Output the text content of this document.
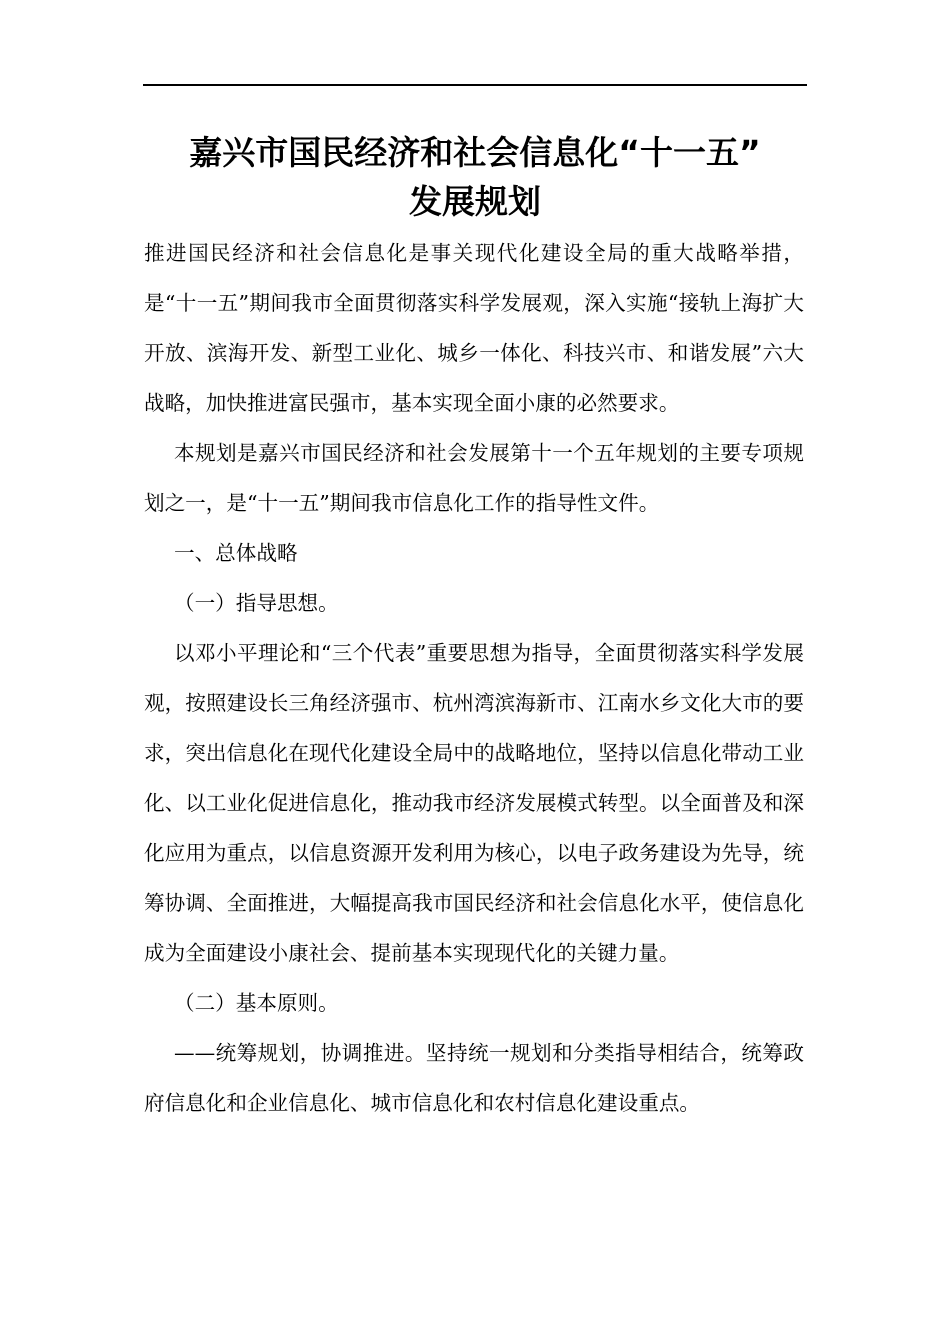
嘉兴市国民经济和社会信息化“十一五”
发展规划

推进国民经济和社会信息化是事关现代化建设全局的重大战略举措，是“十一五”期间我市全面贯彻落实科学发展观，深入实施“接轨上海扩大开放、滨海开发、新型工业化、城乡一体化、科技兴市、和谐发展”六大战略，加快推进富民强市，基本实现全面小康的必然要求。

本规划是嘉兴市国民经济和社会发展第十一个五年规划的主要专项规划之一，是“十一五”期间我市信息化工作的指导性文件。

一、总体战略

（一）指导思想。

以邓小平理论和“三个代表”重要思想为指导，全面贯彻落实科学发展观，按照建设长三角经济强市、杭州湾滨海新市、江南水乡文化大市的要求，突出信息化在现代化建设全局中的战略地位，坚持以信息化带动工业化、以工业化促进信息化，推动我市经济发展模式转型。以全面普及和深化应用为重点，以信息资源开发利用为核心，以电子政务建设为先导，统筹协调、全面推进，大幅提高我市国民经济和社会信息化水平，使信息化成为全面建设小康社会、提前基本实现现代化的关键力量。

（二）基本原则。

——统筹规划，协调推进。坚持统一规划和分类指导相结合，统筹政府信息化和企业信息化、城市信息化和农村信息化建设重点。
